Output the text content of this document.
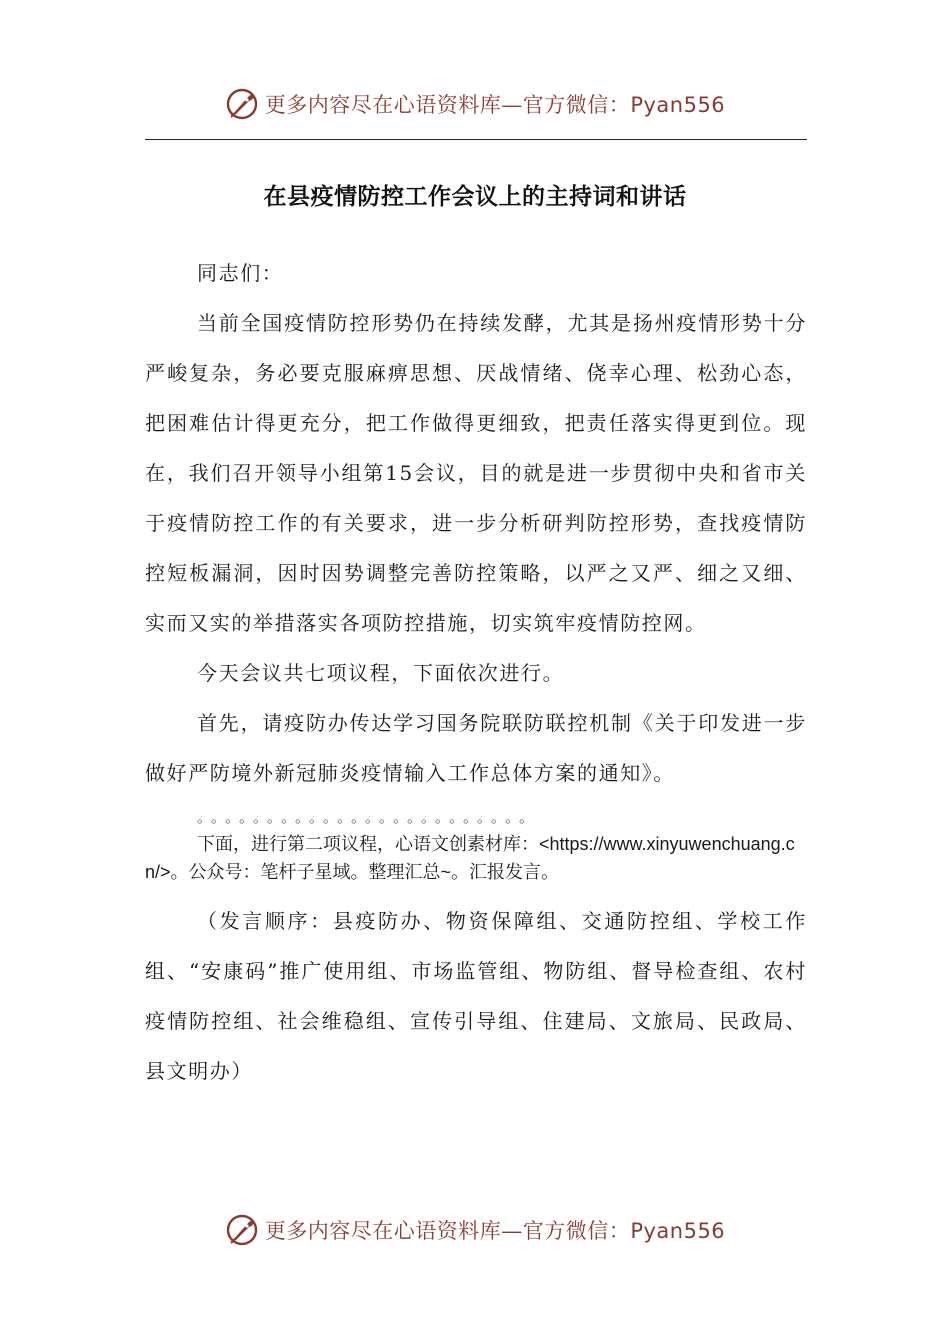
更多内容尽在心语资料库—官方微信：Pyan556
在县疫情防控工作会议上的主持词和讲话

同志们：

当前全国疫情防控形势仍在持续发酵，尤其是扬州疫情形势十分严峻复杂，务必要克服麻痹思想、厌战情绪、侥幸心理、松劲心态，把困难估计得更充分，把工作做得更细致，把责任落实得更到位。现在，我们召开领导小组第15会议，目的就是进一步贯彻中央和省市关于疫情防控工作的有关要求，进一步分析研判防控形势，查找疫情防控短板漏洞，因时因势调整完善防控策略，以严之又严、细之又细、实而又实的举措落实各项防控措施，切实筑牢疫情防控网。

今天会议共七项议程，下面依次进行。

首先，请疫防办传达学习国务院联防联控机制《关于印发进一步做好严防境外新冠肺炎疫情输入工作总体方案的通知》。

。。。。。。。。。。。。。。。。。。。。。。。。

下面，进行第二项议程，心语文创素材库：<https://www.xinyuwenchuang.cn/>。公众号：笔杆子星域。整理汇总~。汇报发言。

（发言顺序：县疫防办、物资保障组、交通防控组、学校工作组、“安康码”推广使用组、市场监管组、物防组、督导检查组、农村疫情防控组、社会维稳组、宣传引导组、住建局、文旅局、民政局、县文明办）

更多内容尽在心语资料库—官方微信：Pyan556
